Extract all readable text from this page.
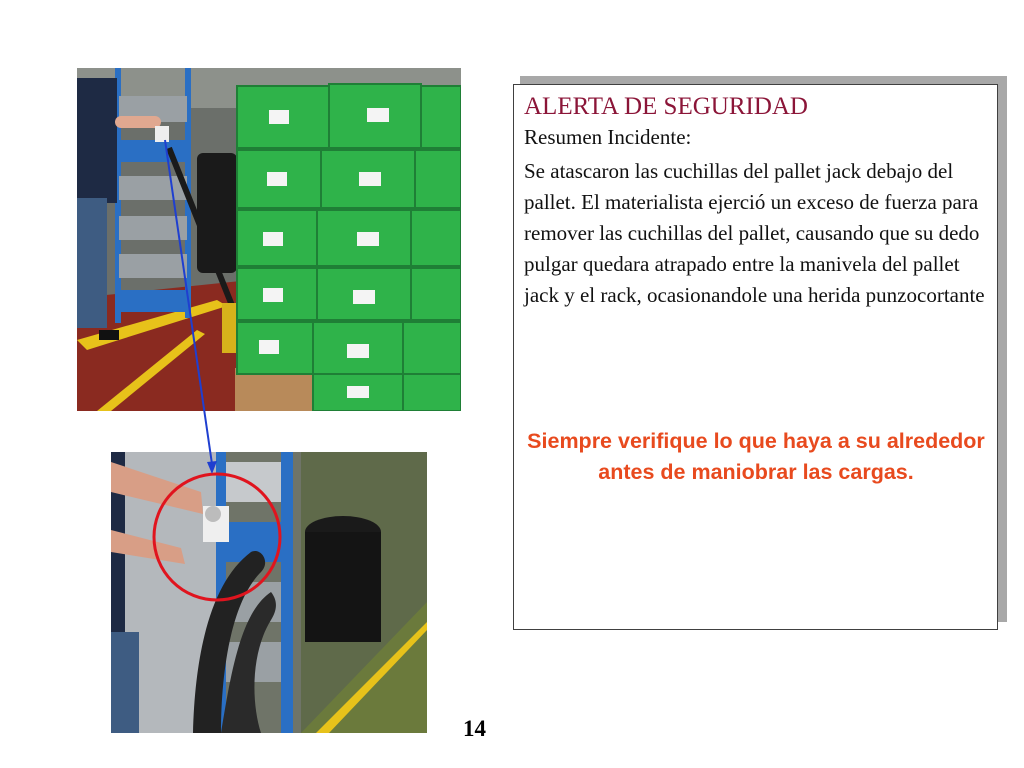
ALERTA DE SEGURIDAD
Resumen Incidente:
Se atascaron las cuchillas del pallet jack debajo del pallet. El materialista ejerció un exceso de fuerza para remover las cuchillas del pallet, causando que su dedo pulgar quedara atrapado entre la manivela del pallet jack y el rack, ocasionandole una herida punzocortante
Siempre verifique lo que haya a su alrededor antes de maniobrar las cargas.
14
